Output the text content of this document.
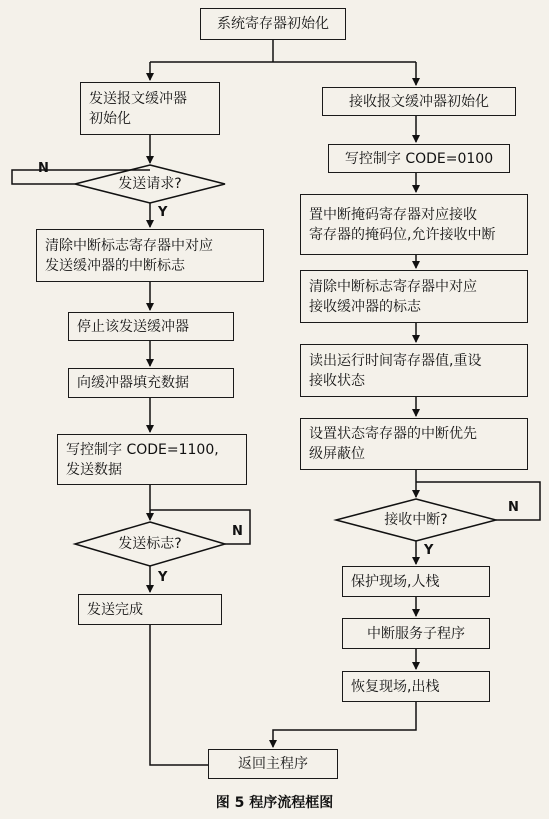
系统寄存器初始化
发送报文缓冲器
初始化
发送请求?
清除中断标志寄存器中对应
发送缓冲器的中断标志
停止该发送缓冲器
向缓冲器填充数据
写控制字 CODE=1100,
发送数据
发送标志?
发送完成
接收报文缓冲器初始化
写控制字 CODE=0100
置中断掩码寄存器对应接收
寄存器的掩码位,允许接收中断
清除中断标志寄存器中对应
接收缓冲器的标志
读出运行时间寄存器值,重设
接收状态
设置状态寄存器的中断优先
级屏蔽位
接收中断?
保护现场,人栈
中断服务子程序
恢复现场,出栈
返回主程序
N
Y
N
Y
N
Y
图 5 程序流程框图
